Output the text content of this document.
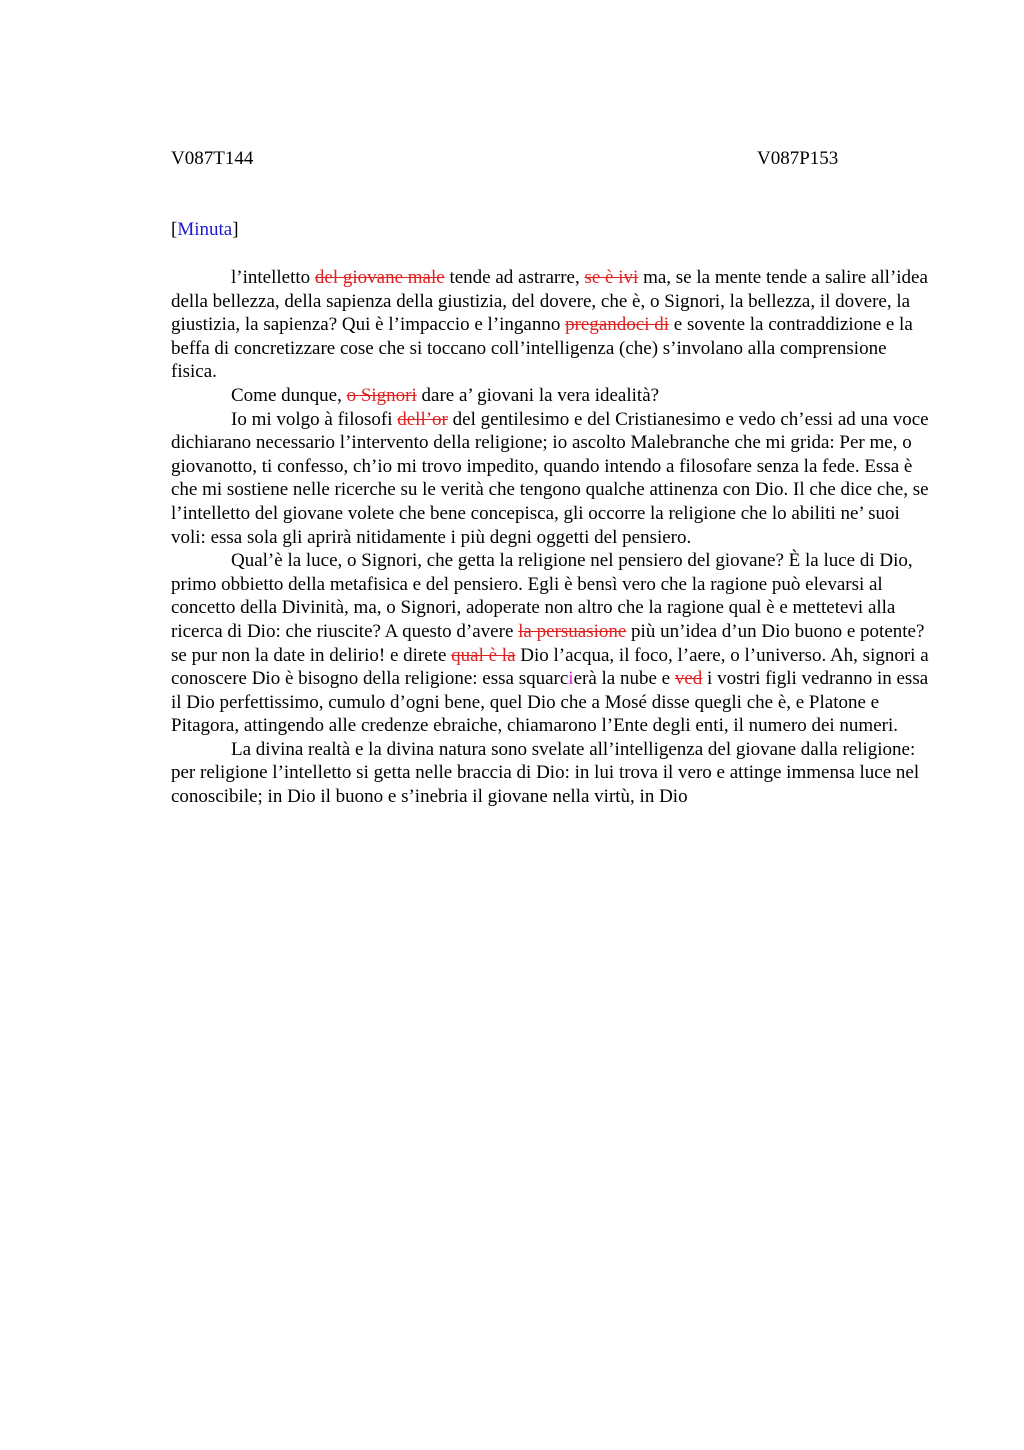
V087T144	V087P153
[Minuta]

l’intelletto del giovane male tende ad astrarre, se è ivi ma, se la mente tende a salire all’idea della bellezza, della sapienza della giustizia, del dovere, che è, o Signori, la bellezza, il dovere, la giustizia, la sapienza? Qui è l’impaccio e l’inganno pregandoci di e sovente la contraddizione e la beffa di concretizzare cose che si toccano coll’intelligenza (che) s’involano alla comprensione fisica.

Come dunque, o Signori dare a’ giovani la vera idealità?

Io mi volgo à filosofi dell’or del gentilesimo e del Cristianesimo e vedo ch’essi ad una voce dichiarano necessario l’intervento della religione; io ascolto Malebranche che mi grida: Per me, o giovanotto, ti confesso, ch’io mi trovo impedito, quando intendo a filosofare senza la fede. Essa è che mi sostiene nelle ricerche su le verità che tengono qualche attinenza con Dio. Il che dice che, se l’intelletto del giovane volete che bene concepisca, gli occorre la religione che lo abiliti ne’ suoi voli: essa sola gli aprirà nitidamente i più degni oggetti del pensiero.

Qual’è la luce, o Signori, che getta la religione nel pensiero del giovane? È la luce di Dio, primo obbietto della metafisica e del pensiero. Egli è bensì vero che la ragione può elevarsi al concetto della Divinità, ma, o Signori, adoperate non altro che la ragione qual è e mettetevi alla ricerca di Dio: che riuscite? A questo d’avere la persuasione più un’idea d’un Dio buono e potente? se pur non la date in delirio! e direte qual è la Dio l’acqua, il foco, l’aere, o l’universo. Ah, signori a conoscere Dio è bisogno della religione: essa squarcierà la nube e ved i vostri figli vedranno in essa il Dio perfettissimo, cumulo d’ogni bene, quel Dio che a Mosé disse quegli che è, e Platone e Pitagora, attingendo alle credenze ebraiche, chiamarono l’Ente degli enti, il numero dei numeri.

La divina realtà e la divina natura sono svelate all’intelligenza del giovane dalla religione: per religione l’intelletto si getta nelle braccia di Dio: in lui trova il vero e attinge immensa luce nel conoscibile; in Dio il buono e s’inebria il giovane nella virtù, in Dio
